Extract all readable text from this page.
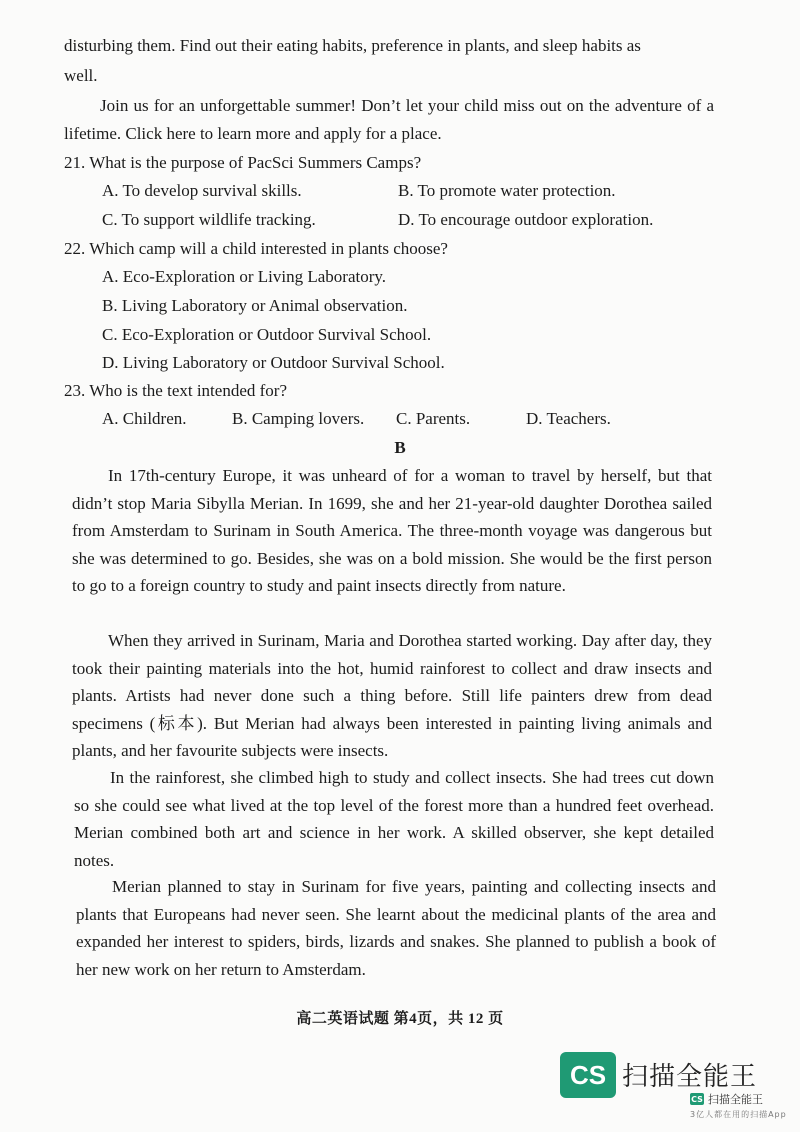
disturbing them. Find out their eating habits, preference in plants, and sleep habits as
well.

Join us for an unforgettable summer! Don’t let your child miss out on the adventure of a lifetime. Click here to learn more and apply for a place.

21. What is the purpose of PacSci Summers Camps?
A. To develop survival skills.	B. To promote water protection.
C. To support wildlife tracking.	D. To encourage outdoor exploration.
22. Which camp will a child interested in plants choose?
A. Eco-Exploration or Living Laboratory.
B. Living Laboratory or Animal observation.
C. Eco-Exploration or Outdoor Survival School.
D. Living Laboratory or Outdoor Survival School.
23. Who is the text intended for?
A. Children.	B. Camping lovers. C. Parents.	D. Teachers.
B

In 17th-century Europe, it was unheard of for a woman to travel by herself, but that didn’t stop Maria Sibylla Merian. In 1699, she and her 21-year-old daughter Dorothea sailed from Amsterdam to Surinam in South America. The three-month voyage was dangerous but she was determined to go. Besides, she was on a bold mission. She would be the first person to go to a foreign country to study and paint insects directly from nature.

When they arrived in Surinam, Maria and Dorothea started working. Day after day, they took their painting materials into the hot, humid rainforest to collect and draw insects and plants. Artists had never done such a thing before. Still life painters drew from dead specimens (标本). But Merian had always been interested in painting living animals and plants, and her favourite subjects were insects.

In the rainforest, she climbed high to study and collect insects. She had trees cut down so she could see what lived at the top level of the forest more than a hundred feet overhead. Merian combined both art and science in her work. A skilled observer, she kept detailed notes.

Merian planned to stay in Surinam for five years, painting and collecting insects and plants that Europeans had never seen. She learnt about the medicinal plants of the area and expanded her interest to spiders, birds, lizards and snakes. She planned to publish a book of her new work on her return to Amsterdam.

高二英语试题 第4页，共 12 页
CS 扫描全能王
CS 扫描全能王
3亿人都在用的扫描App
